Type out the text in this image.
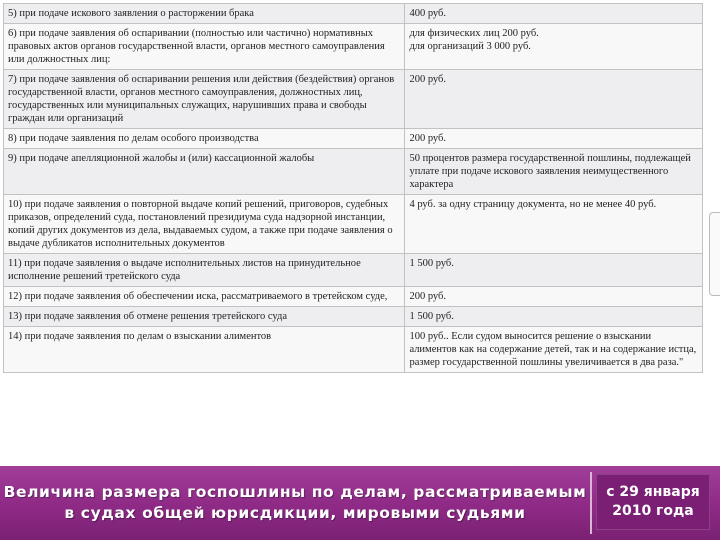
5) при подаче искового заявления о расторжении брака	400 руб.
6) при подаче заявления об оспаривании (полностью или частично) нормативных правовых актов органов государственной власти, органов местного самоуправления или должностных лиц:	для физических лиц 200 руб.
для организаций 3 000 руб.
7) при подаче заявления об оспаривании решения или действия (бездействия) органов государственной власти, органов местного самоуправления, должностных лиц, государственных или муниципальных служащих, нарушивших права и свободы граждан или организаций	200 руб.
8) при подаче заявления по делам особого производства	200 руб.
9) при подаче апелляционной жалобы и (или) кассационной жалобы	50 процентов размера государственной пошлины, подлежащей уплате при подаче искового заявления неимущественного характера
10) при подаче заявления о повторной выдаче копий решений, приговоров, судебных приказов, определений суда, постановлений президиума суда надзорной инстанции, копий других документов из дела, выдаваемых судом, а также при подаче заявления о выдаче дубликатов исполнительных документов	4 руб. за одну страницу документа, но не менее 40 руб.
11) при подаче заявления о выдаче исполнительных листов на принудительное исполнение решений третейского суда	1 500 руб.
12) при подаче заявления об обеспечении иска, рассматриваемого в третейском суде,	200 руб.
13) при подаче заявления об отмене решения третейского суда	1 500 руб.
14) при подаче заявления по делам о взыскании алиментов	100 руб.. Если судом выносится решение о взыскании алиментов как на содержание детей, так и на содержание истца, размер государственной пошлины увеличивается в два раза."
Величина размера госпошлины по делам, рассматриваемым
в судах общей юрисдикции, мировыми судьями
с 29 января
2010 года
